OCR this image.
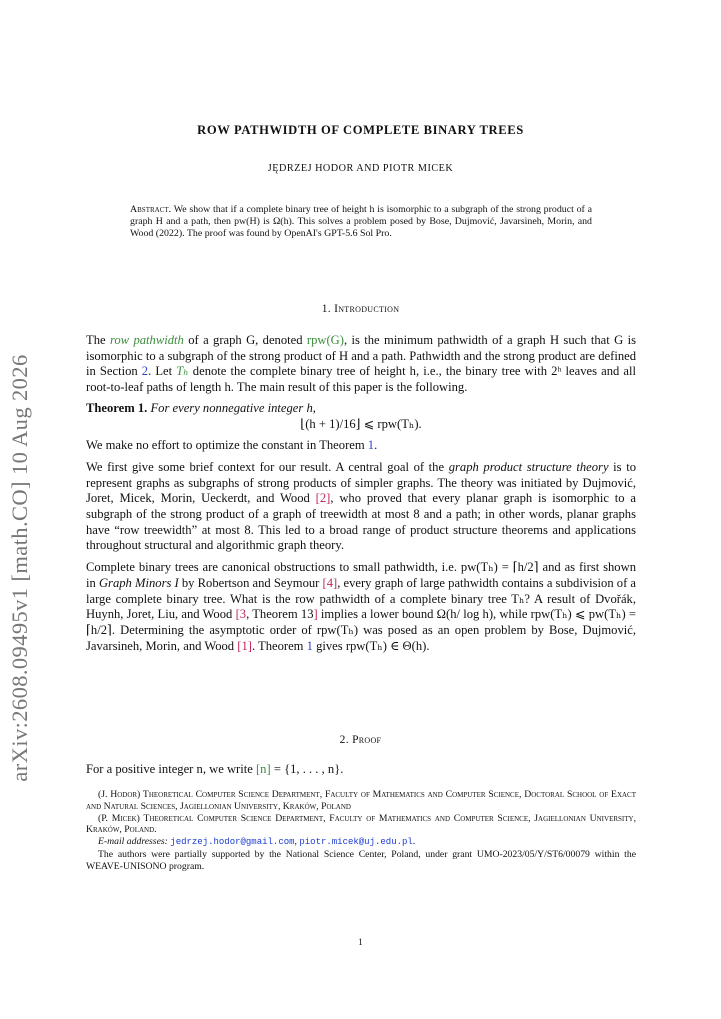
arXiv:2608.09495v1 [math.CO] 10 Aug 2026
ROW PATHWIDTH OF COMPLETE BINARY TREES
JĘDRZEJ HODOR AND PIOTR MICEK
Abstract. We show that if a complete binary tree of height h is isomorphic to a subgraph of the strong product of a graph H and a path, then pw(H) is Ω(h). This solves a problem posed by Bose, Dujmović, Javarsineh, Morin, and Wood (2022). The proof was found by OpenAI's GPT-5.6 Sol Pro.
1. Introduction

The row pathwidth of a graph G, denoted rpw(G), is the minimum pathwidth of a graph H such that G is isomorphic to a subgraph of the strong product of H and a path. Pathwidth and the strong product are defined in Section 2. Let Tₕ denote the complete binary tree of height h, i.e., the binary tree with 2ʰ leaves and all root-to-leaf paths of length h. The main result of this paper is the following.

Theorem 1. For every nonnegative integer h,

⌊(h + 1)/16⌋ ⩽ rpw(Tₕ).

We make no effort to optimize the constant in Theorem 1.

We first give some brief context for our result. A central goal of the graph product structure theory is to represent graphs as subgraphs of strong products of simpler graphs. The theory was initiated by Dujmović, Joret, Micek, Morin, Ueckerdt, and Wood [2], who proved that every planar graph is isomorphic to a subgraph of the strong product of a graph of treewidth at most 8 and a path; in other words, planar graphs have “row treewidth” at most 8. This led to a broad range of product structure theorems and applications throughout structural and algorithmic graph theory.

Complete binary trees are canonical obstructions to small pathwidth, i.e. pw(Tₕ) = ⌈h/2⌉ and as first shown in Graph Minors I by Robertson and Seymour [4], every graph of large pathwidth contains a subdivision of a large complete binary tree. What is the row pathwidth of a complete binary tree Tₕ? A result of Dvořák, Huynh, Joret, Liu, and Wood [3, Theorem 13] implies a lower bound Ω(h/ log h), while rpw(Tₕ) ⩽ pw(Tₕ) = ⌈h/2⌉. Determining the asymptotic order of rpw(Tₕ) was posed as an open problem by Bose, Dujmović, Javarsineh, Morin, and Wood [1]. Theorem 1 gives rpw(Tₕ) ∈ Θ(h).

2. Proof

For a positive integer n, we write [n] = {1, . . . , n}.

(J. Hodor) Theoretical Computer Science Department, Faculty of Mathematics and Computer Science, Doctoral School of Exact and Natural Sciences, Jagiellonian University, Kraków, Poland

(P. Micek) Theoretical Computer Science Department, Faculty of Mathematics and Computer Science, Jagiellonian University, Kraków, Poland.

E-mail addresses: jedrzej.hodor@gmail.com, piotr.micek@uj.edu.pl.

The authors were partially supported by the National Science Center, Poland, under grant UMO-2023/05/Y/ST6/00079 within the WEAVE-UNISONO program.

1
